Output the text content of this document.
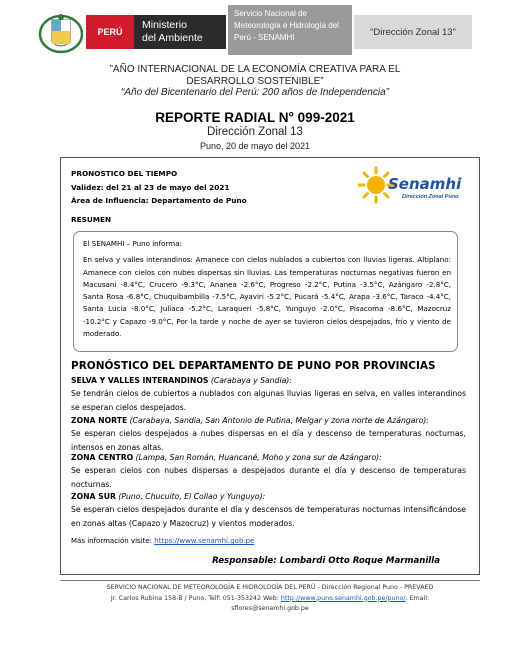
PERÚ
Ministerio
del Ambiente
Servicio Nacional de
Meteorología e Hidrología del
Perú - SENAMHI	“Dirección Zonal 13”
”AÑO INTERNACIONAL DE LA ECONOMÍA CREATIVA PARA EL
DESARROLLO SOSTENIBLE”
“Año del Bicentenario del Perú: 200 años de Independencia”
REPORTE RADIAL N° 099-2021
Dirección Zonal 13
Puno, 20 de mayo del 2021
PRONOSTICO DEL TIEMPO
Validez: del 21 al 23 de mayo del 2021
Área de Influencia: Departamento de Puno
RESUMEN
Senamhi
Dirección Zonal Puno
El SENAMHI – Puno informa:
En selva y valles interandinos: Amanece con cielos nublados a cubiertos con lluvias ligeras. Altiplano: Amanece con cielos con nubes dispersas sin lluvias. Las temperaturas nocturnas negativas fueron en Macusani -8.4°C, Crucero -9.3°C, Ananea -2.6°C, Progreso -2.2°C, Putina -3.5°C, Azángaro -2.8°C, Santa Rosa -6.8°C, Chuquibambilla -7.5°C, Ayaviri -5.2°C, Pucará -5.4°C, Arapa -3.6°C, Taraco -4.4°C, Santa Lucía -8.0°C, Juliaca -5.2°C, Laraqueri -5.8°C, Yunguyo -2.0°C, Pisacoma -8.6°C, Mazocruz -10.2°C y Capazo -9.0°C. Por la tarde y noche de ayer se tuvieron cielos despejados, frío y viento de moderado.
PRONÓSTICO DEL DEPARTAMENTO DE PUNO POR PROVINCIAS
SELVA Y VALLES INTERANDINOS (Carabaya y Sandia):
Se tendrán cielos de cubiertos a nublados con algunas lluvias ligeras en selva, en valles interandinos se esperan cielos despejados.
ZONA NORTE (Carabaya, Sandia, San Antonio de Putina, Melgar y zona norte de Azángaro):
Se esperan cielos despejados a nubes dispersas en el día y descenso de temperaturas nocturnas, intensos en zonas altas.
ZONA CENTRO (Lampa, San Román, Huancané, Moho y zona sur de Azángaro):
Se esperan cielos con nubes dispersas a despejados durante el día y descenso de temperaturas nocturnas.
ZONA SUR (Puno, Chucuito, El Collao y Yunguyo):
Se esperan cielos despejados durante el día y descensos de temperaturas nocturnas intensificándose en zonas altas (Capazo y Mazocruz) y vientos moderados.
Más información visite: https://www.senamhi.gob.pe
Responsable: Lombardi Otto Roque Marmanilla
SERVICIO NACIONAL DE METEOROLOGÍA E HIDROLOGÍA DEL PERÚ - Dirección Regional Puno - PREVAED
Jr. Carlos Rubina 158-B / Puno, Telf: 051-353242 Web: http://www.puno.senamhi.gob.pe/puno/, Email:
sflores@senamhi.gob.pe
